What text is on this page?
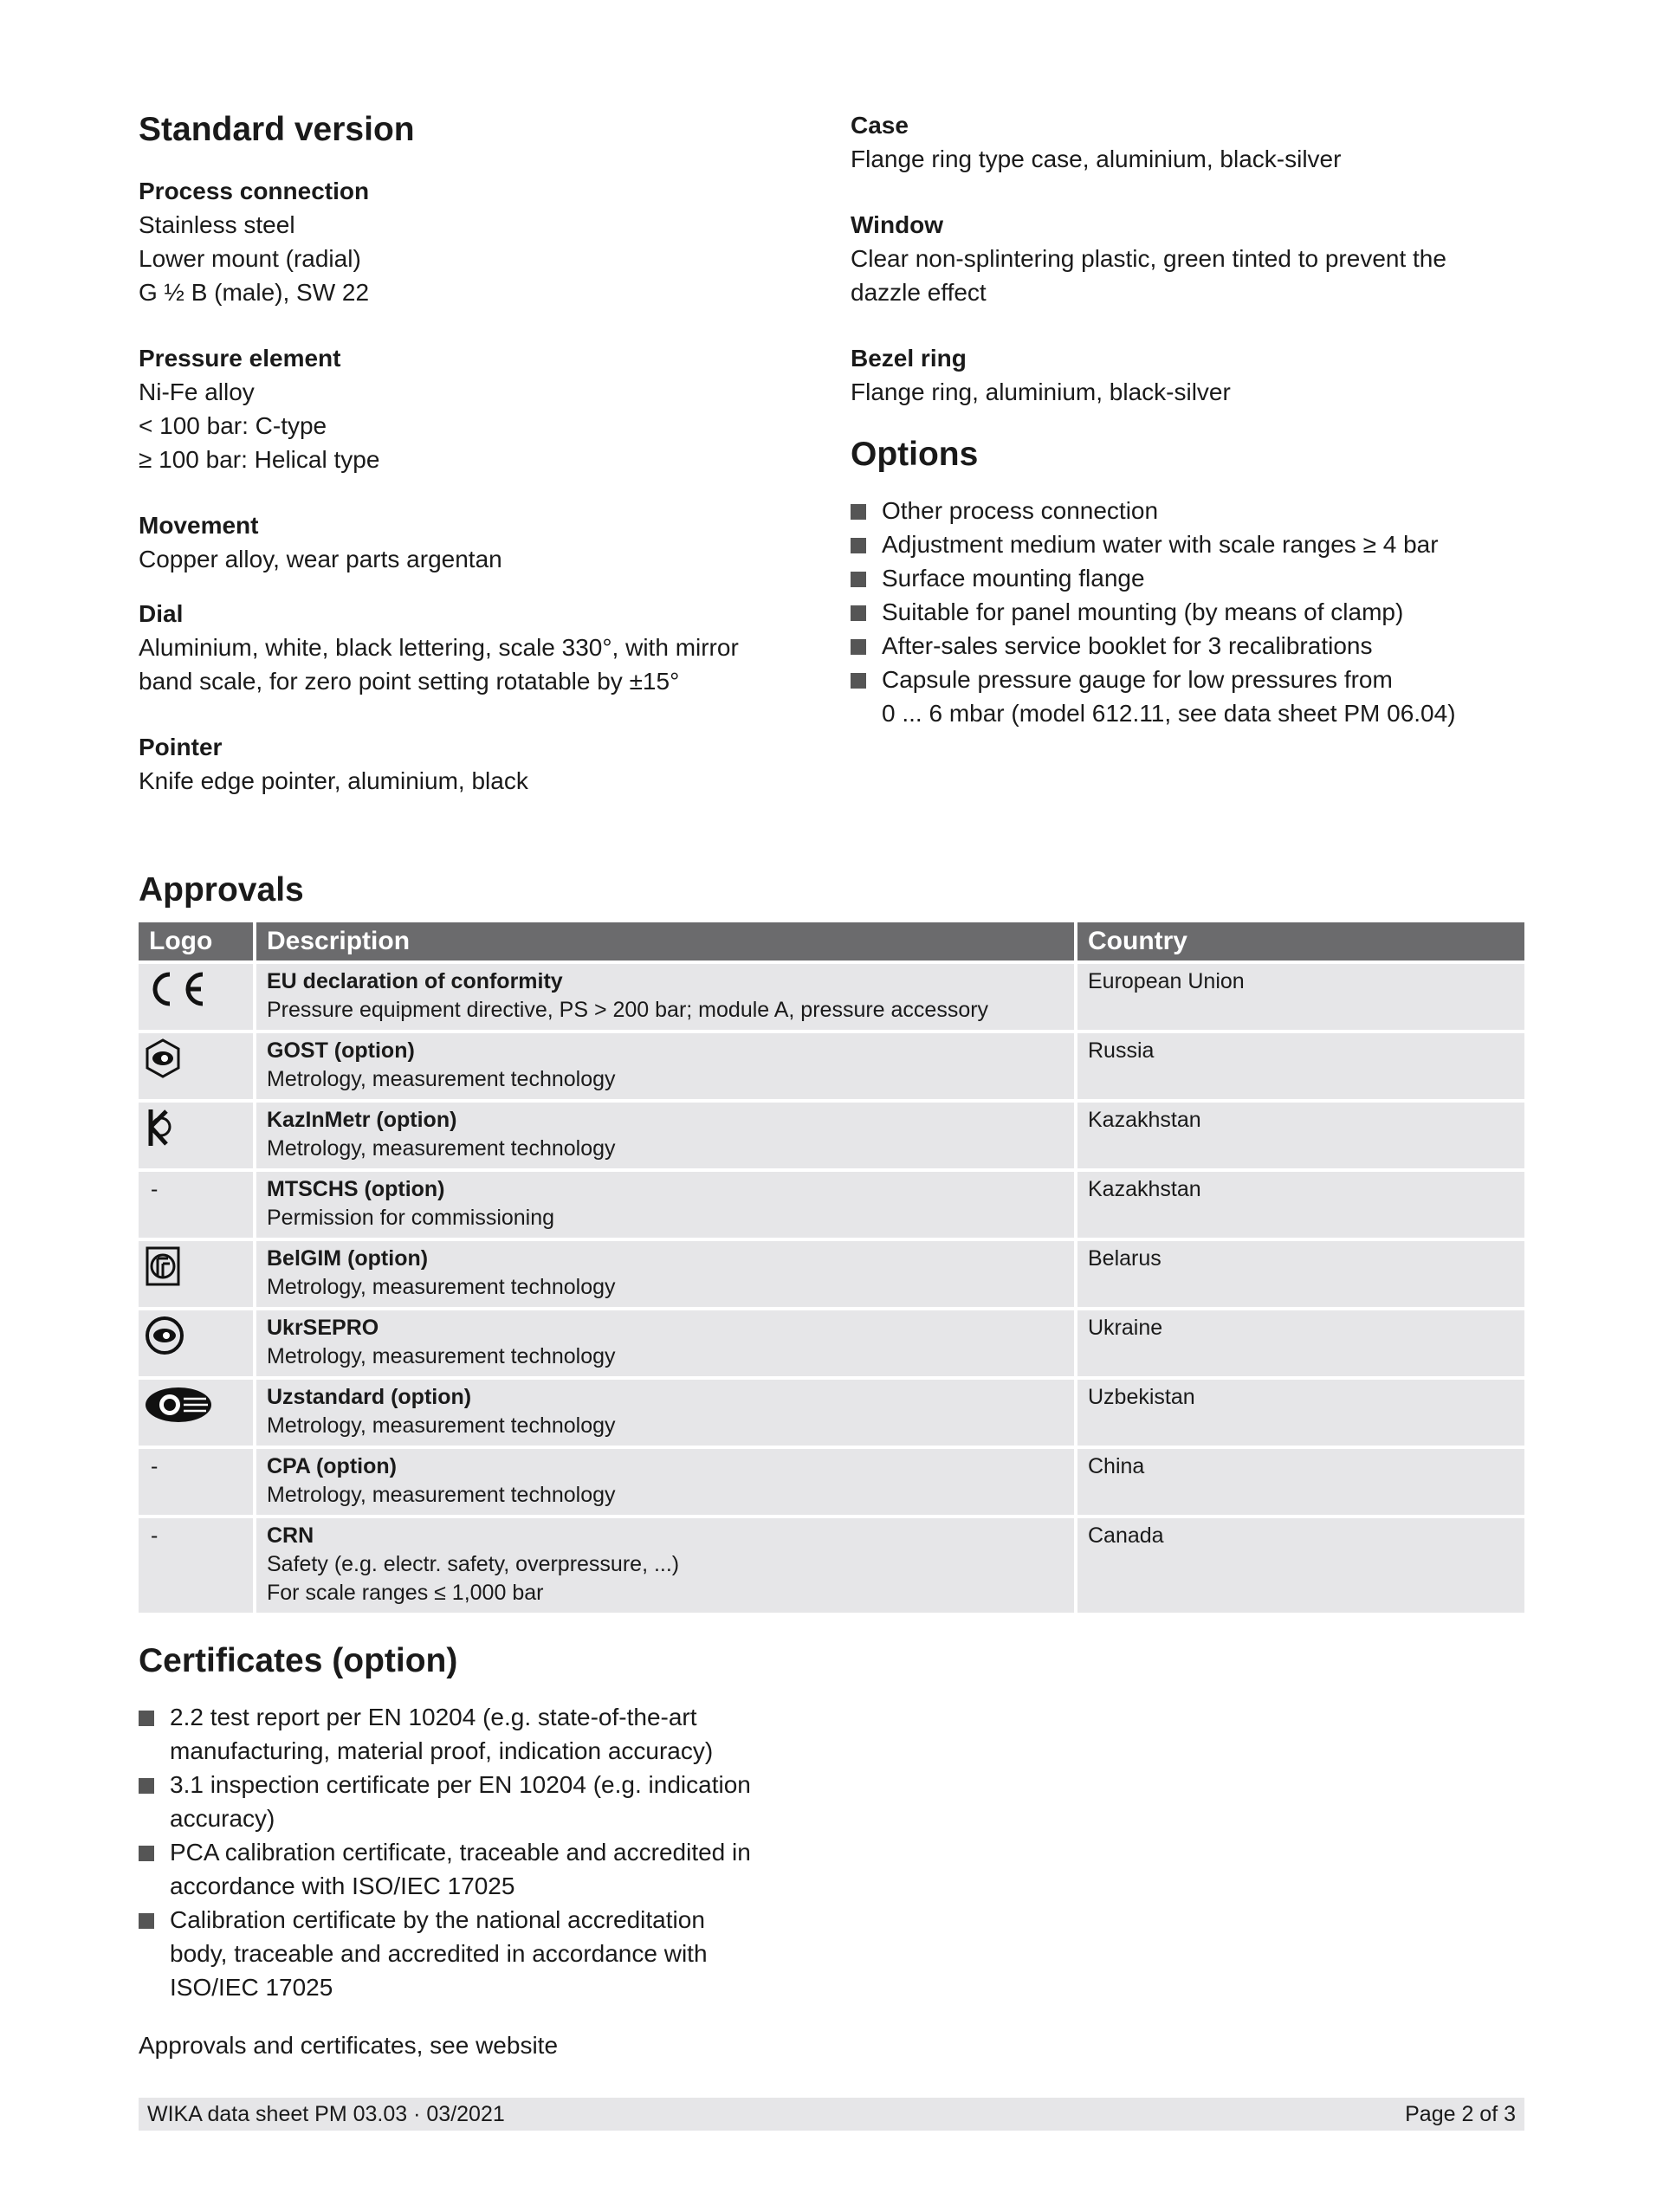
Standard version
Process connection

Stainless steel

Lower mount (radial)

G ½ B (male), SW 22

Pressure element

Ni-Fe alloy

< 100 bar: C-type

≥ 100 bar: Helical type

Movement

Copper alloy, wear parts argentan

Dial

Aluminium, white, black lettering, scale 330°, with mirror

band scale, for zero point setting rotatable by ±15°

Pointer

Knife edge pointer, aluminium, black

Case

Flange ring type case, aluminium, black-silver

Window

Clear non-splintering plastic, green tinted to prevent the

dazzle effect

Bezel ring

Flange ring, aluminium, black-silver

Options
Other process connection
Adjustment medium water with scale ranges ≥ 4 bar
Surface mounting flange
Suitable for panel mounting (by means of clamp)
After-sales service booklet for 3 recalibrations
Capsule pressure gauge for low pressures from
0 ... 6 mbar (model 612.11, see data sheet PM 06.04)
Approvals
Logo	Description	Country

EU declaration of conformity
Pressure equipment directive, PS > 200 bar; module A, pressure accessory	European Union

GOST (option)
Metrology, measurement technology	Russia

KazInMetr (option)
Metrology, measurement technology	Kazakhstan
-	MTSCHS (option)
Permission for commissioning	Kazakhstan

BelGIM (option)
Metrology, measurement technology	Belarus

UkrSEPRO
Metrology, measurement technology	Ukraine

Uzstandard (option)
Metrology, measurement technology	Uzbekistan
-	CPA (option)
Metrology, measurement technology	China
-	CRN
Safety (e.g. electr. safety, overpressure, ...)
For scale ranges ≤ 1,000 bar	Canada
Certificates (option)
2.2 test report per EN 10204 (e.g. state-of-the-art
manufacturing, material proof, indication accuracy)
3.1 inspection certificate per EN 10204 (e.g. indication
accuracy)
PCA calibration certificate, traceable and accredited in
accordance with ISO/IEC 17025
Calibration certificate by the national accreditation
body, traceable and accredited in accordance with
ISO/IEC 17025

Approvals and certificates, see website

WIKA data sheet PM 03.03 · 03/2021	Page 2 of 3
